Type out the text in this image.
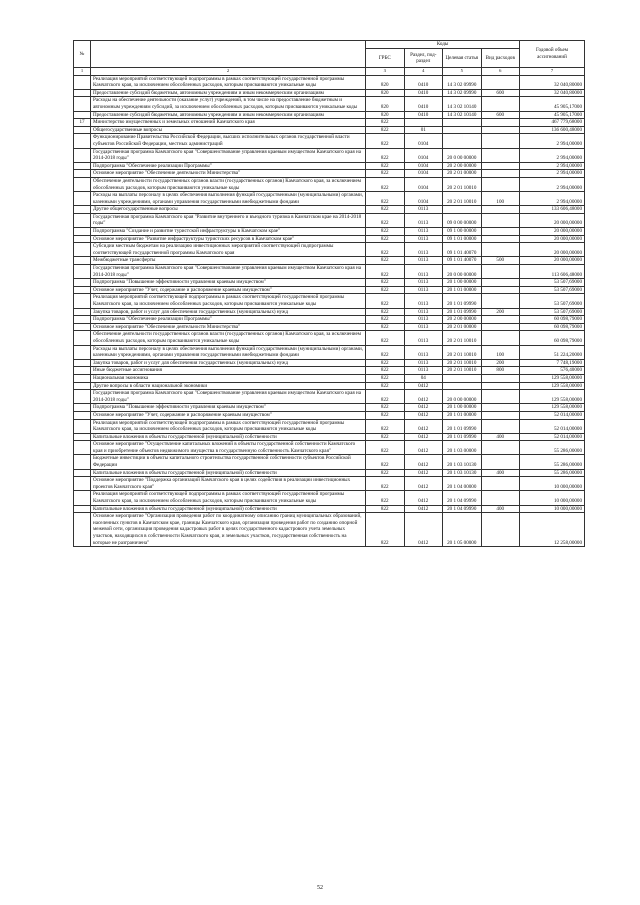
№		Коды				Годовой объем ассигнований
		ГРБС	Раздел, под-раздел	Целевая статья	Вид расходов	
1	2	3	4	5	6	7
	Реализация мероприятий соответствующей подпрограммы в рамках соответствующей государственной программы Камчатского края, за исключением обособленных расходов, которым присваиваются уникальные коды	820	0410	14 3 02 09990		32 040,80000
	Предоставление субсидий бюджетным, автономным учреждениям и иным некоммерческим организациям	820	0410	14 3 02 09990	600	32 040,80000
	Расходы на обеспечение деятельности (оказание услуг) учреждений, в том числе на предоставление бюджетным и автономным учреждениям субсидий, за исключением обособленных расходов, которым присваиваются уникальные коды	820	0410	14 3 02 10140		45 905,17000
	Предоставление субсидий бюджетным, автономным учреждениям и иным некоммерческим организациям	820	0410	14 3 02 10140	600	45 905,17000
17	Министерство имущественных и земельных отношений Камчатского края	822				467 779,68000
	Общегосударственные вопросы	822	01			136 600,48000
	Функционирование Правительства Российской Федерации, высших исполнительных органов государственной власти субъектов Российской Федерации, местных администраций	822	0104			2 994,00000
	Государственная программа Камчатского края "Совершенствование управления краевым имуществом Камчатского края на 2014-2018 годы"	822	0104	20 0 00 00000		2 994,00000
	Подпрограмма "Обеспечение реализации Программы"	822	0104	20 2 00 00000		2 994,00000
	Основное мероприятие "Обеспечение деятельности Министерства"	822	0104	20 2 01 00000		2 994,00000
	Обеспечение деятельности государственных органов власти (государственных органов) Камчатского края, за исключением обособленных расходов, которым присваиваются уникальные коды	822	0104	20 2 01 10010		2 994,00000
	Расходы на выплаты персоналу в целях обеспечения выполнения функций государственными (муниципальными) органами, казенными учреждениями, органами управления государственными внебюджетными фондами	822	0104	20 2 01 10010	100	2 994,00000
	Другие общегосударственные вопросы	822	0113			133 606,48000
	Государственная программа Камчатского края "Развитие внутреннего и въездного туризма в Камчатском крае на 2014-2018 годы"	822	0113	09 0 00 00000		20 000,00000
	Подпрограмма "Создание и развитие туристской инфраструктуры в Камчатском крае"	822	0113	09 1 00 00000		20 000,00000
	Основное мероприятие "Развитие инфраструктуры туристских ресурсов в Камчатском крае"	822	0113	09 1 01 00000		20 000,00000
	Субсидии местным бюджетам на реализацию инвестиционных мероприятий соответствующей подпрограммы соответствующей государственной программы Камчатского края	822	0113	09 1 01 40070		20 000,00000
	Межбюджетные трансферты	822	0113	09 1 01 40070	500	20 000,00000
	Государственная программа Камчатского края "Совершенствование управления краевым имуществом Камчатского края на 2014-2018 годы"	822	0113	20 0 00 00000		113 606,48000
	Подпрограмма "Повышение эффективности управления краевым имуществом"	822	0113	20 1 00 00000		53 507,69000
	Основное мероприятие "Учет, содержание и распоряжение краевым имуществом"	822	0113	20 1 01 00000		53 507,69000
	Реализация мероприятий соответствующей подпрограммы в рамках соответствующей государственной программы Камчатского края, за исключением обособленных расходов, которым присваиваются уникальные коды	822	0113	20 1 01 09990		53 507,69000
	Закупка товаров, работ и услуг для обеспечения государственных (муниципальных) нужд	822	0113	20 1 01 09990	200	53 507,69000
	Подпрограмма "Обеспечение реализации Программы"	822	0113	20 2 00 00000		60 098,79000
	Основное мероприятие "Обеспечение деятельности Министерства"	822	0113	20 2 01 00000		60 098,79000
	Обеспечение деятельности государственных органов власти (государственных органов) Камчатского края, за исключением обособленных расходов, которым присваиваются уникальные коды	822	0113	20 2 01 10010		60 098,79000
	Расходы на выплаты персоналу в целях обеспечения выполнения функций государственными (муниципальными) органами, казенными учреждениями, органами управления государственными внебюджетными фондами	822	0113	20 2 01 10010	100	51 224,20000
	Закупка товаров, работ и услуг для обеспечения государственных (муниципальных) нужд	822	0113	20 2 01 10010	200	7 748,19000
	Иные бюджетные ассигнования	822	0113	20 2 01 10010	800	576,40000
	Национальная экономика	822	04			129 558,00000
	Другие вопросы в области национальной экономики	822	0412			129 558,00000
	Государственная программа Камчатского края "Совершенствование управления краевым имуществом Камчатского края на 2014-2018 годы"	822	0412	20 0 00 00000		129 558,00000
	Подпрограмма "Повышение эффективности управления краевым имуществом"	822	0412	20 1 00 00000		129 558,00000
	Основное мероприятие "Учет, содержание и распоряжение краевым имуществом"	822	0412	20 1 01 00000		52 014,00000
	Реализация мероприятий соответствующей подпрограммы в рамках соответствующей государственной программы Камчатского края, за исключением обособленных расходов, которым присваиваются уникальные коды	822	0412	20 1 01 09990		52 014,00000
	Капитальные вложения в объекты государственной (муниципальной) собственности	822	0412	20 1 01 09990	400	52 014,00000
	Основное мероприятие "Осуществление капитальных вложений в объекты государственной собственности Камчатского края и приобретение объектов недвижимого имущества в государственную собственность Камчатского края"	822	0412	20 1 03 00000		55 286,00000
	Бюджетные инвестиции в объекты капитального строительства государственной собственности субъектов Российской Федерации	822	0412	20 1 03 10130		55 286,00000
	Капитальные вложения в объекты государственной (муниципальной) собственности	822	0412	20 1 03 10130	400	55 286,00000
	Основное мероприятие "Поддержка организаций Камчатского края в целях содействия в реализации инвестиционных проектов Камчатского края"	822	0412	20 1 04 00000		10 000,00000
	Реализация мероприятий соответствующей подпрограммы в рамках соответствующей государственной программы Камчатского края, за исключением обособленных расходов, которым присваиваются уникальные коды	822	0412	20 1 04 09990		10 000,00000
	Капитальные вложения в объекты государственной (муниципальной) собственности	822	0412	20 1 04 09990	400	10 000,00000
	Основное мероприятие "Организация проведения работ по координатному описанию границ муниципальных образований, населенных пунктов в Камчатском крае, границы Камчатского края, организация проведения работ по созданию опорной межевой сети, организация проведения кадастровых работ в целях государственного кадастрового учета земельных участков, находящихся в собственности Камчатского края, и земельных участков, государственная собственность на которые не разграничена"	822	0412	20 1 05 00000		12 258,00000
52
